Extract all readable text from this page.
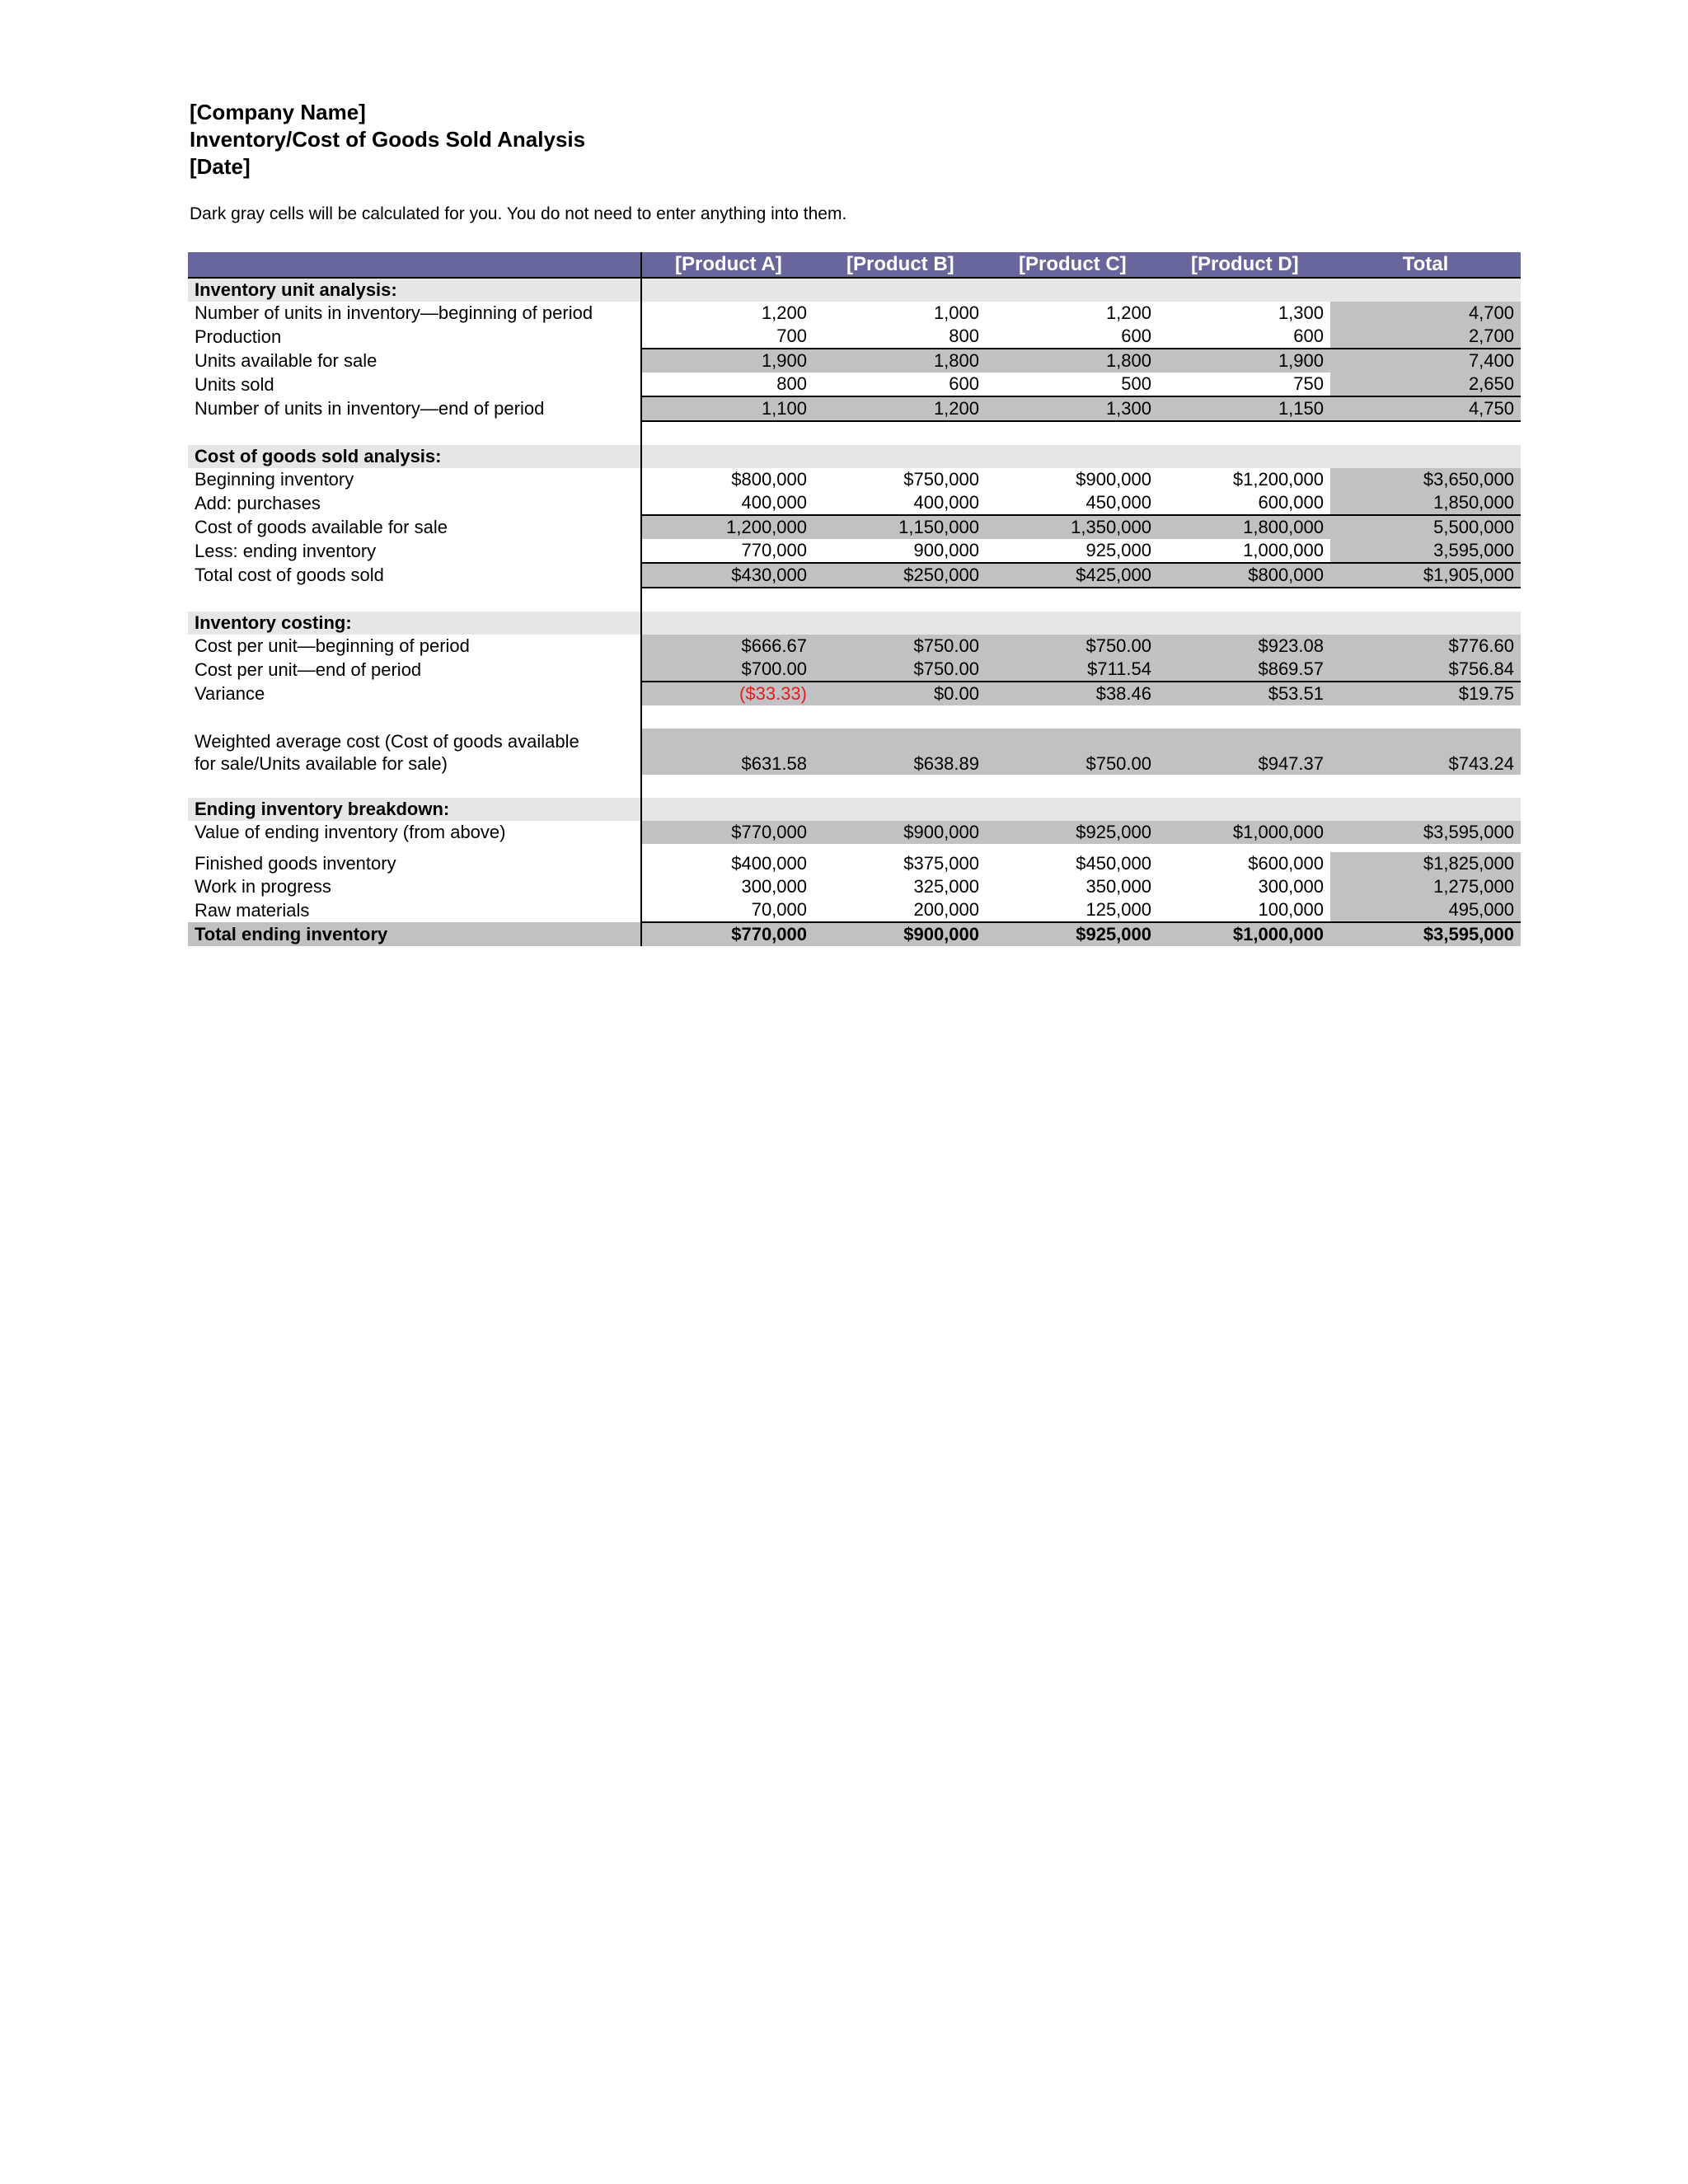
[Company Name]
Inventory/Cost of Goods Sold Analysis
[Date]
Dark gray cells will be calculated for you. You do not need to enter anything into them.
	[Product A]	[Product B]	[Product C]	[Product D]	Total
Inventory unit analysis:					
Number of units in inventory—beginning of period	1,200	1,000	1,200	1,300	4,700
Production	700	800	600	600	2,700
Units available for sale	1,900	1,800	1,800	1,900	7,400
Units sold	800	600	500	750	2,650
Number of units in inventory—end of period	1,100	1,200	1,300	1,150	4,750

Cost of goods sold analysis:					
Beginning inventory	$800,000	$750,000	$900,000	$1,200,000	$3,650,000
Add: purchases	400,000	400,000	450,000	600,000	1,850,000
Cost of goods available for sale	1,200,000	1,150,000	1,350,000	1,800,000	5,500,000
Less: ending inventory	770,000	900,000	925,000	1,000,000	3,595,000
Total cost of goods sold	$430,000	$250,000	$425,000	$800,000	$1,905,000

Inventory costing:					
Cost per unit—beginning of period	$666.67	$750.00	$750.00	$923.08	$776.60
Cost per unit—end of period	$700.00	$750.00	$711.54	$869.57	$756.84
Variance	($33.33)	$0.00	$38.46	$53.51	$19.75

Weighted average cost (Cost of goods available
for sale/Units available for sale)	$631.58	$638.89	$750.00	$947.37	$743.24

Ending inventory breakdown:					
Value of ending inventory (from above)	$770,000	$900,000	$925,000	$1,000,000	$3,595,000

Finished goods inventory	$400,000	$375,000	$450,000	$600,000	$1,825,000
Work in progress	300,000	325,000	350,000	300,000	1,275,000
Raw materials	70,000	200,000	125,000	100,000	495,000
Total ending inventory	$770,000	$900,000	$925,000	$1,000,000	$3,595,000
